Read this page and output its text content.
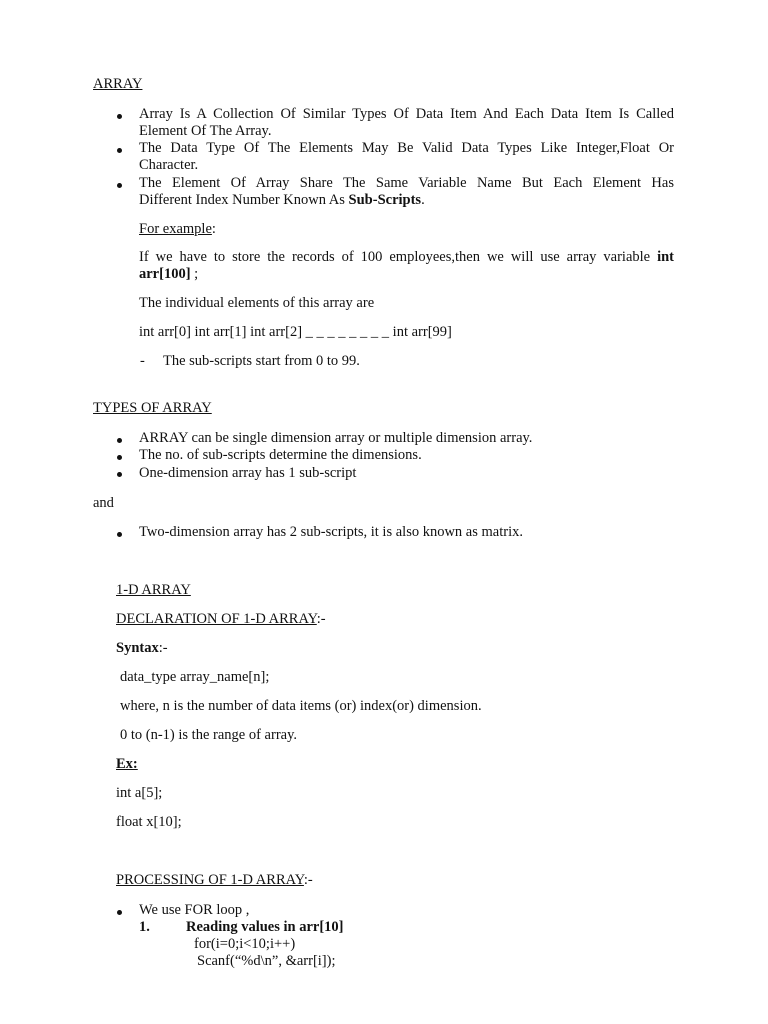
ARRAY
Array Is A Collection Of Similar Types Of Data Item And Each Data Item Is Called
Element Of The Array.
The Data Type Of The Elements May Be Valid Data Types Like Integer,Float Or
Character.
The Element Of Array Share The Same Variable Name But Each Element Has
Different Index Number Known As Sub-Scripts.
For example:
If we have to store the records of 100 employees,then we will use array variable int
arr[100] ;
The individual elements of this array are
int arr[0] int arr[1] int arr[2] _ _ _ _ _ _ _ _ int arr[99]
- The sub-scripts start from 0 to 99.
TYPES OF ARRAY
ARRAY can be single dimension array or multiple dimension array.
The no. of sub-scripts determine the dimensions.
One-dimension array has 1 sub-script
and
Two-dimension array has 2 sub-scripts, it is also known as matrix.
1-D ARRAY
DECLARATION OF 1-D ARRAY:-
Syntax:-
data_type array_name[n];
where, n is the number of data items (or) index(or) dimension.
0 to (n-1) is the range of array.
Ex:
int a[5];
float x[10];
PROCESSING OF 1-D ARRAY:-
We use FOR loop ,
1. Reading values in arr[10]
for(i=0;i<10;i++)
Scanf(“%d\n”, &arr[i]);
